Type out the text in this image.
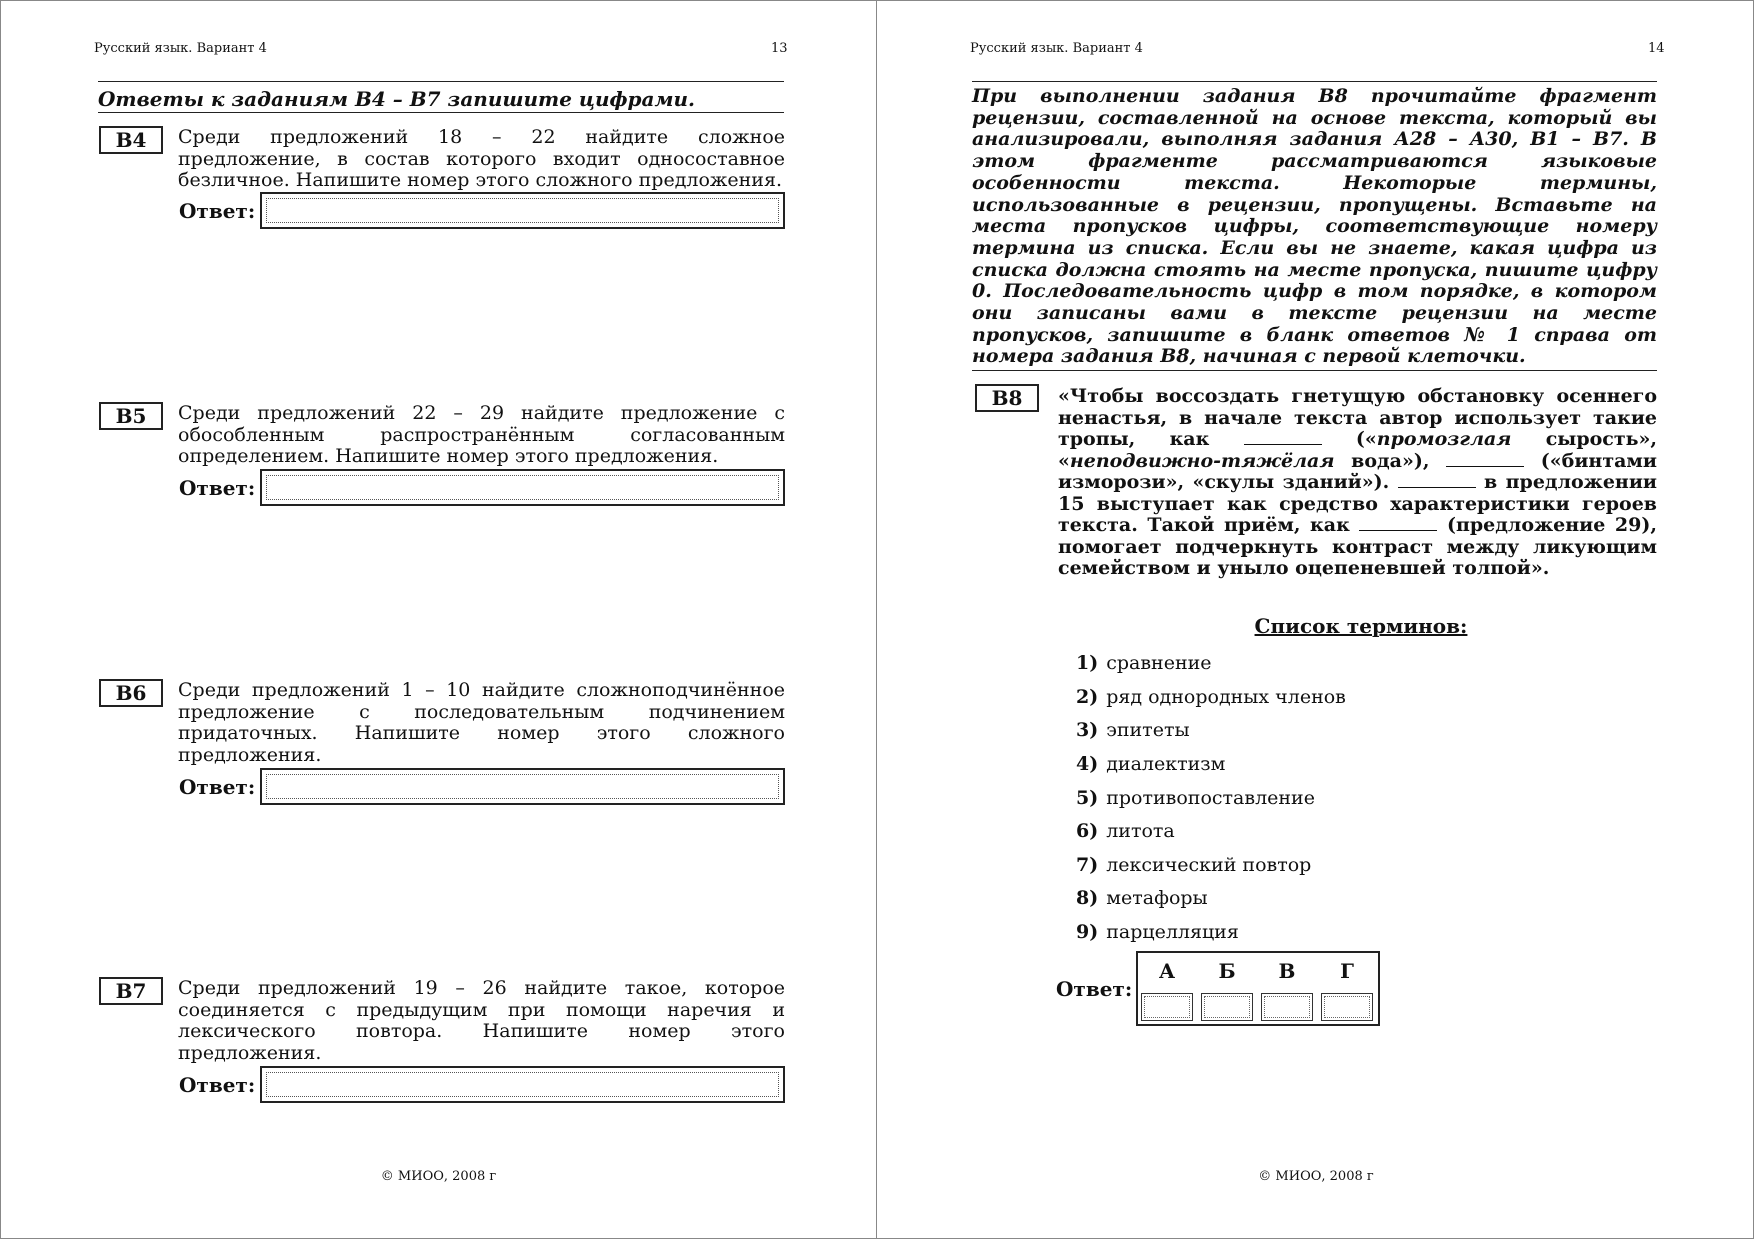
Русский язык. Вариант 4	13
Ответы к заданиям В4 – В7 запишите цифрами.
В4	Среди предложений 18 – 22 найдите сложное предложение, в состав которого входит односоставное безличное. Напишите номер этого сложного предложения.
Ответ:
В5	Среди предложений 22 – 29 найдите предложение с обособленным распространённым согласованным определением. Напишите номер этого предложения.
Ответ:
В6	Среди предложений 1 – 10 найдите сложноподчинённое предложение с последовательным подчинением придаточных. Напишите номер этого сложного предложения.
Ответ:
В7	Среди предложений 19 – 26 найдите такое, которое соединяется с предыдущим при помощи наречия и лексического повтора. Напишите номер этого предложения.
Ответ:
© МИОО, 2008 г
Русский язык. Вариант 4	14
При выполнении задания В8 прочитайте фрагмент рецензии, составленной на основе текста, который вы анализировали, выполняя задания А28 – А30, В1 – В7. В этом фрагменте рассматриваются языковые особенности текста. Некоторые термины, использованные в рецензии, пропущены. Вставьте на места пропусков цифры, соответствующие номеру термина из списка. Если вы не знаете, какая цифра из списка должна стоять на месте пропуска, пишите цифру 0. Последовательность цифр в том порядке, в котором они записаны вами в тексте рецензии на месте пропусков, запишите в бланк ответов № 1 справа от номера задания В8, начиная с первой клеточки.
В8	«Чтобы воссоздать гнетущую обстановку осеннего ненастья, в начале текста автор использует такие тропы, как	(«промозглая сырость», «неподвижно-тяжёлая вода»),	(«бинтами изморози», «скулы зданий»).	в предложении 15 выступает как средство характеристики героев текста. Такой приём, как	(предложение 29), помогает подчеркнуть контраст между ликующим семейством и уныло оцепеневшей толпой».
Список терминов:
1) сравнение
2) ряд однородных членов
3) эпитеты
4) диалектизм
5) противопоставление
6) литота
7) лексический повтор
8) метафоры
9) парцелляция
Ответ:
А	Б	В	Г
© МИОО, 2008 г
